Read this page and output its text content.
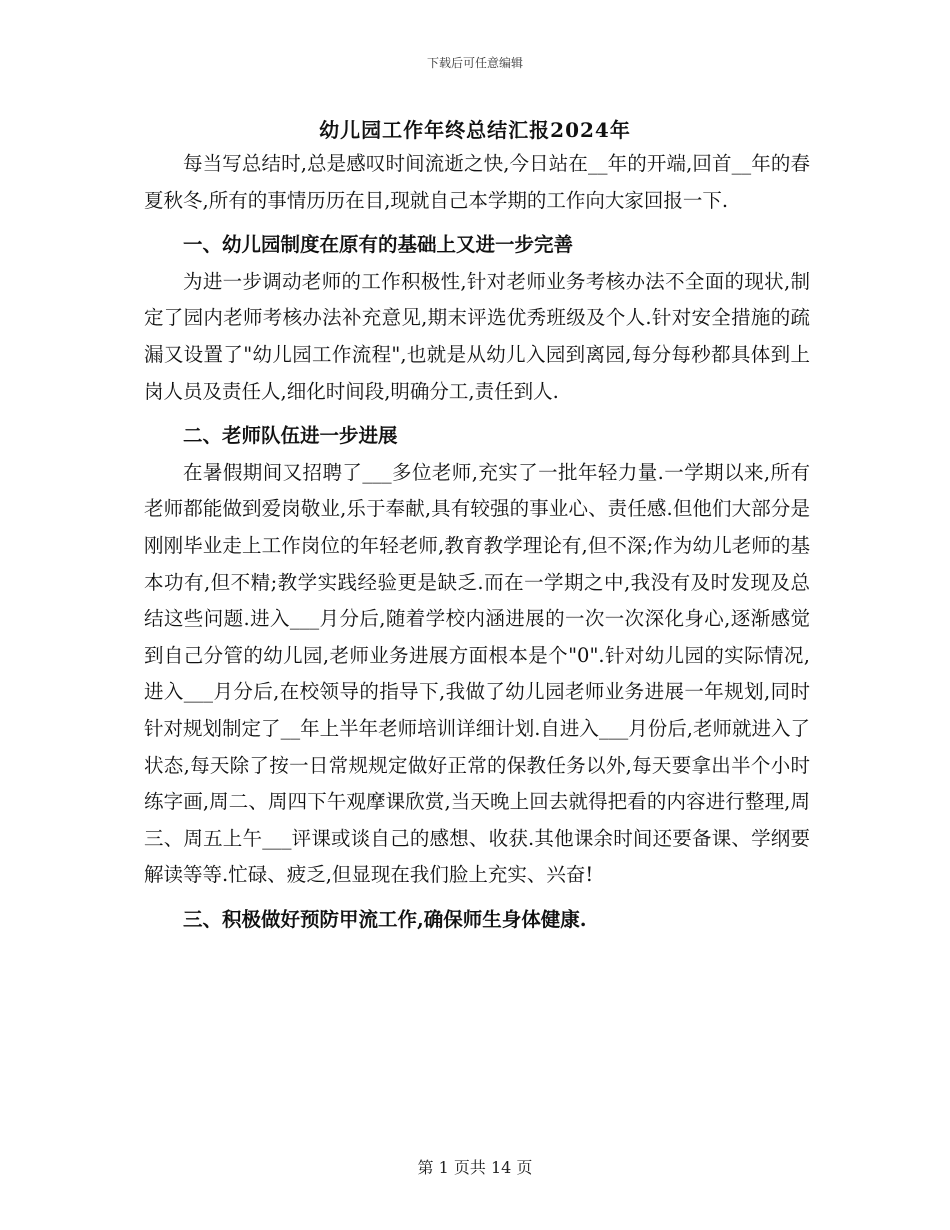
下载后可任意编辑
幼儿园工作年终总结汇报2024年

每当写总结时,总是感叹时间流逝之快,今日站在__年的开端,回首__年的春夏秋冬,所有的事情历历在目,现就自己本学期的工作向大家回报一下.

一、幼儿园制度在原有的基础上又进一步完善

为进一步调动老师的工作积极性,针对老师业务考核办法不全面的现状,制定了园内老师考核办法补充意见,期末评选优秀班级及个人.针对安全措施的疏漏又设置了"幼儿园工作流程",也就是从幼儿入园到离园,每分每秒都具体到上岗人员及责任人,细化时间段,明确分工,责任到人.

二、老师队伍进一步进展

在暑假期间又招聘了___多位老师,充实了一批年轻力量.一学期以来,所有老师都能做到爱岗敬业,乐于奉献,具有较强的事业心、责任感.但他们大部分是刚刚毕业走上工作岗位的年轻老师,教育教学理论有,但不深;作为幼儿老师的基本功有,但不精;教学实践经验更是缺乏.而在一学期之中,我没有及时发现及总结这些问题.进入___月分后,随着学校内涵进展的一次一次深化身心,逐渐感觉到自己分管的幼儿园,老师业务进展方面根本是个"0".针对幼儿园的实际情况,进入___月分后,在校领导的指导下,我做了幼儿园老师业务进展一年规划,同时针对规划制定了__年上半年老师培训详细计划.自进入___月份后,老师就进入了状态,每天除了按一日常规规定做好正常的保教任务以外,每天要拿出半个小时练字画,周二、周四下午观摩课欣赏,当天晚上回去就得把看的内容进行整理,周三、周五上午___评课或谈自己的感想、收获.其他课余时间还要备课、学纲要解读等等.忙碌、疲乏,但显现在我们脸上充实、兴奋!

三、积极做好预防甲流工作,确保师生身体健康.
第 1 页共 14 页
